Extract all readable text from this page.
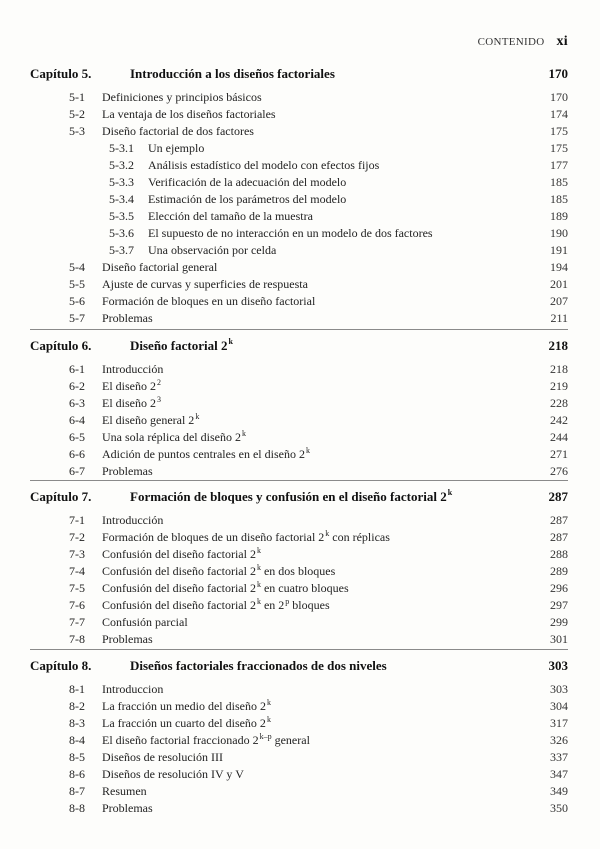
CONTENIDO xi
Capítulo 5.	Introducción a los diseños factoriales	170
5-1 Definiciones y principios básicos	170
5-2 La ventaja de los diseños factoriales	174
5-3 Diseño factorial de dos factores	175
5-3.1 Un ejemplo	175
5-3.2 Análisis estadístico del modelo con efectos fijos	177
5-3.3 Verificación de la adecuación del modelo	185
5-3.4 Estimación de los parámetros del modelo	185
5-3.5 Elección del tamaño de la muestra	189
5-3.6 El supuesto de no interacción en un modelo de dos factores	190
5-3.7 Una observación por celda	191
5-4 Diseño factorial general	194
5-5 Ajuste de curvas y superficies de respuesta	201
5-6 Formación de bloques en un diseño factorial	207
5-7 Problemas	211
Capítulo 6.	Diseño factorial 2$^k$	218
6-1 Introducción	218
6-2 El diseño $2^2$	219
6-3 El diseño $2^3$	228
6-4 El diseño general 2$^k$	242
6-5 Una sola réplica del diseño 2$^k$	244
6-6 Adición de puntos centrales en el diseño 2$^k$	271
6-7 Problemas	276
Capítulo 7.	Formación de bloques y confusión en el diseño factorial 2$^k$	287
7-1 Introducción	287
7-2 Formación de bloques de un diseño factorial 2$^k$ con réplicas	287
7-3 Confusión del diseño factorial 2$^k$	288
7-4 Confusión del diseño factorial 2$^k$ en dos bloques	289
7-5 Confusión del diseño factorial 2$^k$ en cuatro bloques	296
7-6 Confusión del diseño factorial 2$^k$ en 2$^p$ bloques	297
7-7 Confusión parcial	299
7-8 Problemas	301
Capítulo 8.	Diseños factoriales fraccionados de dos niveles	303
8-1 Introduccion	303
8-2 La fracción un medio del diseño 2$^k$	304
8-3 La fracción un cuarto del diseño 2$^k$	317
8-4 El diseño factorial fraccionado 2$^{k-p}$ general	326
8-5 Diseños de resolución III	337
8-6 Diseños de resolución IV y V	347
8-7 Resumen	349
8-8 Problemas	350
